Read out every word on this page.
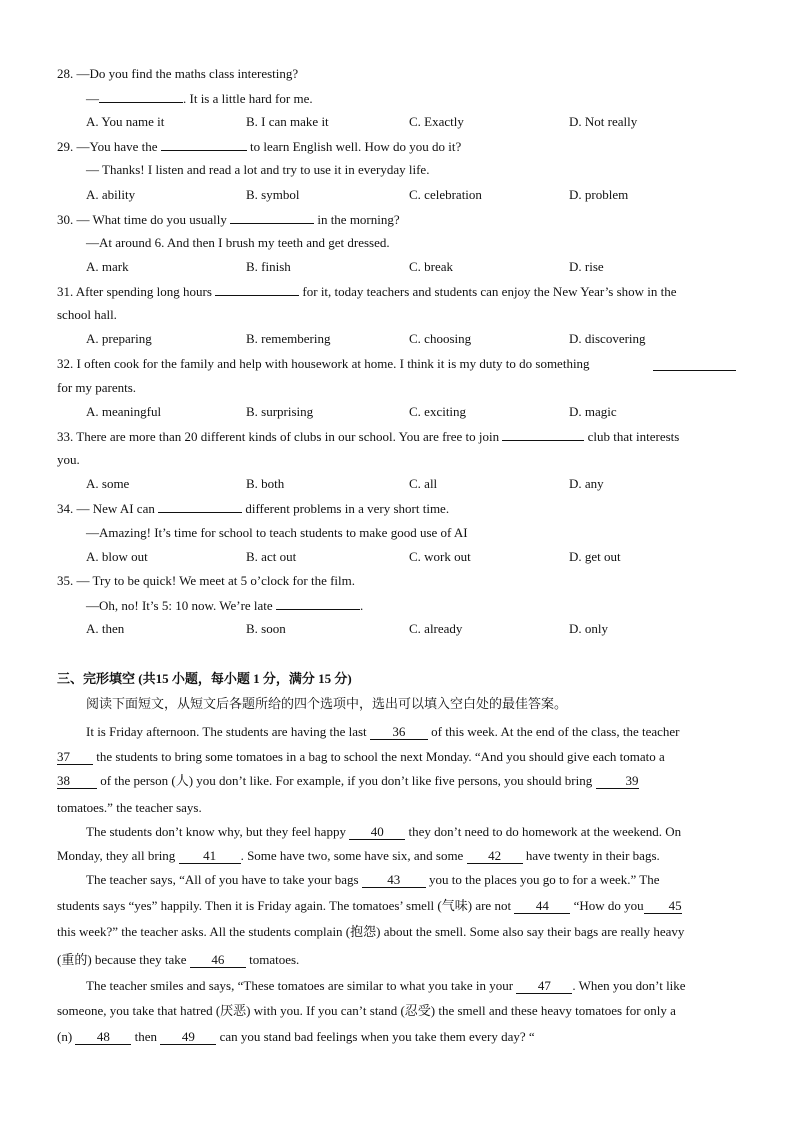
28. —Do you find the maths class interesting?
—	. It is a little hard for me.
A. You name it	B. I can make it	C. Exactly	D. Not really
29. —You have the	to learn English well. How do you do it?
— Thanks! I listen and read a lot and try to use it in everyday life.
A. ability	B. symbol	C. celebration	D. problem
30. — What time do you usually	in the morning?
—At around 6. And then I brush my teeth and get dressed.
A. mark	B. finish	C. break	D. rise
31. After spending long hours	for it, today teachers and students can enjoy the New Year’s show in the
school hall.
A. preparing	B. remembering	C. choosing	D. discovering
32. I often cook for the family and help with housework at home. I think it is my duty to do something
for my parents.
A. meaningful	B. surprising	C. exciting	D. magic
33. There are more than 20 different kinds of clubs in our school. You are free to join	club that interests
you.
A. some	B. both	C. all	D. any
34. — New AI can	different problems in a very short time.
—Amazing! It’s time for school to teach students to make good use of AI
A. blow out	B. act out	C. work out	D. get out
35. — Try to be quick! We meet at 5 o’clock for the film.
—Oh, no! It’s 5: 10 now. We’re late	.
A. then	B. soon	C. already	D. only
三、完形填空 (共15 小题，每小题 1 分，满分 15 分)
阅读下面短文，从短文后各题所给的四个选项中，选出可以填入空白处的最佳答案。
It is Friday afternoon. The students are having the last 36 of this week. At the end of the class, the teacher
37 the students to bring some tomatoes in a bag to school the next Monday. “And you should give each tomato a
38 of the person (人) you don’t like. For example, if you don’t like five persons, you should bring	39
tomatoes.” the teacher says.
The students don’t know why, but they feel happy 40 they don’t need to do homework at the weekend. On
Monday, they all bring 41 . Some have two, some have six, and some 42 have twenty in their bags.
The teacher says, “All of you have to take your bags 43 you to the places you go to for a week.” The
students says “yes” happily. Then it is Friday again. The tomatoes’ smell (气味) are not 44 “How do you 45
this week?” the teacher asks. All the students complain (抱怨) about the smell. Some also say their bags are really heavy
(重的) because they take 46 tomatoes.
The teacher smiles and says, “These tomatoes are similar to what you take in your 47 . When you don’t like
someone, you take that hatred (厌恶) with you. If you can’t stand (忍受) the smell and these heavy tomatoes for only a
(n) 48 then 49 can you stand bad feelings when you take them every day? “
